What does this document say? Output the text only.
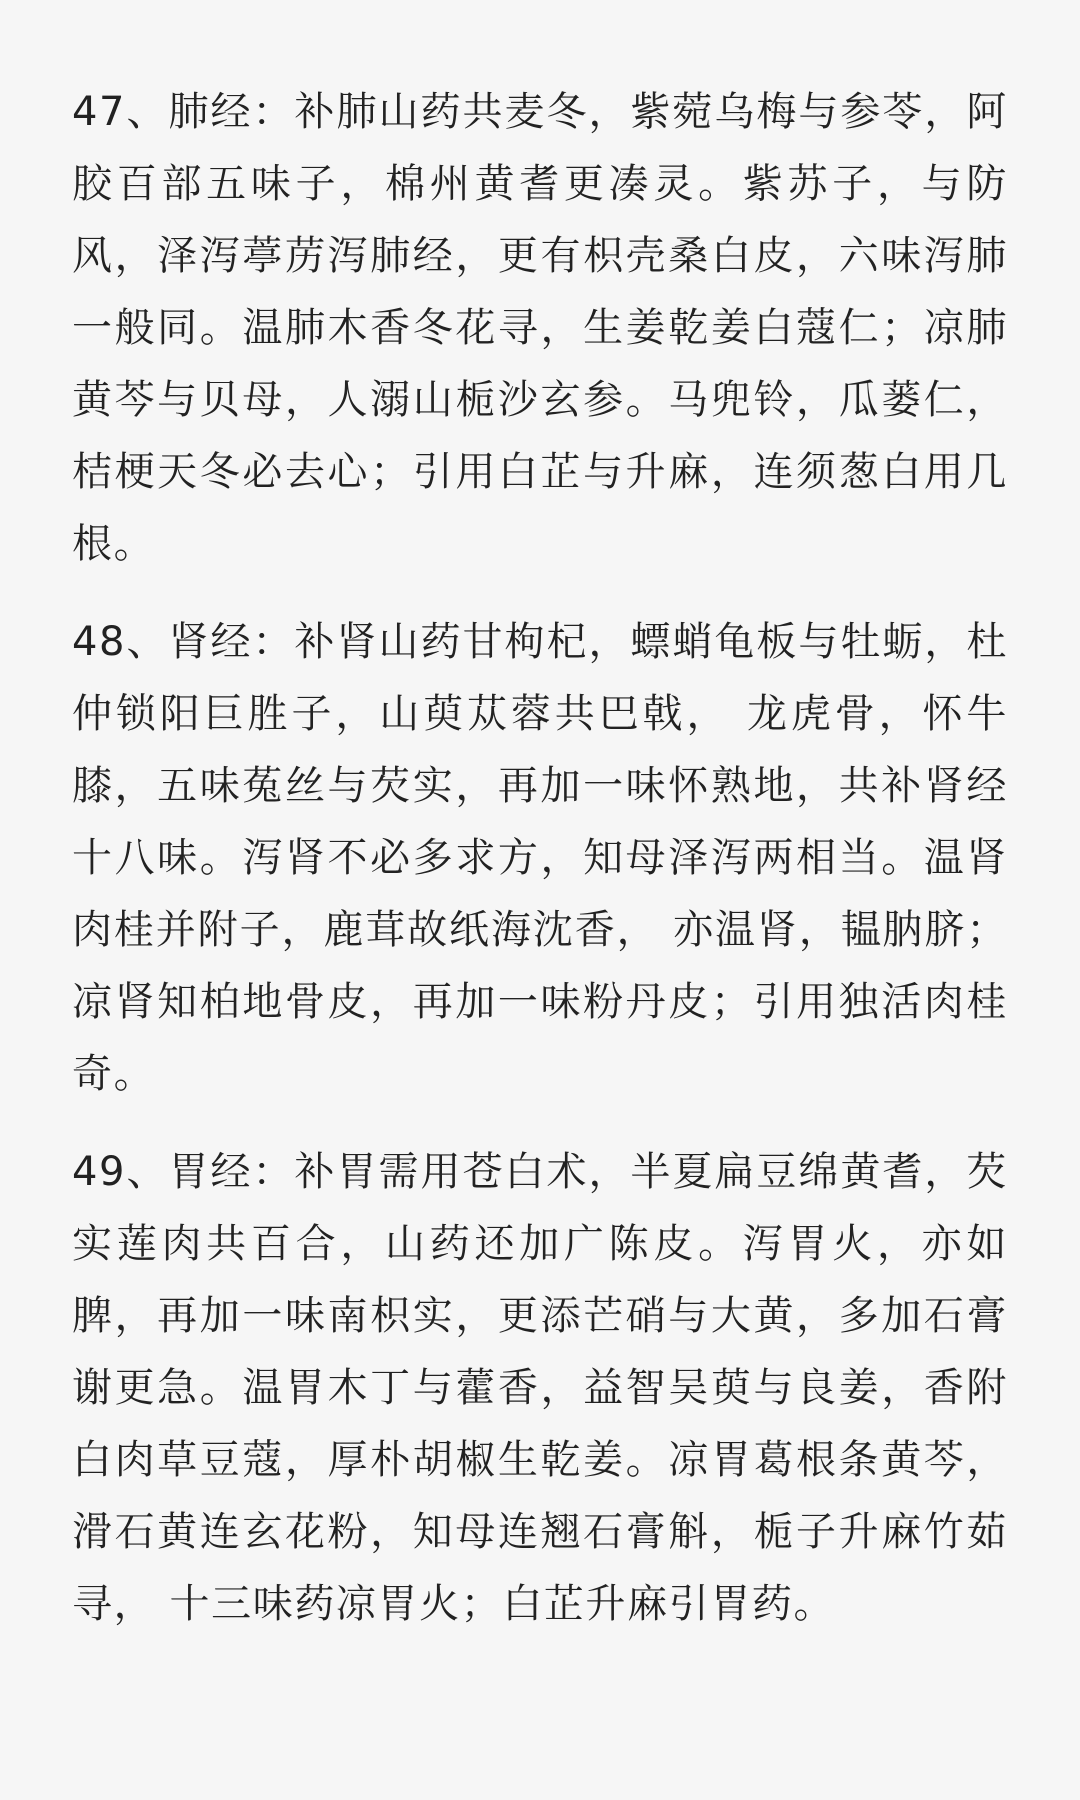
47、肺经：补肺山药共麦冬，紫菀乌梅与参苓，阿胶百部五味子，棉州黄耆更凑灵。紫苏子，与防风，泽泻葶苈泻肺经，更有枳壳桑白皮，六味泻肺一般同。温肺木香冬花寻，生姜乾姜白蔻仁；凉肺黄芩与贝母，人溺山栀沙玄参。马兜铃，瓜蒌仁，桔梗天冬必去心；引用白芷与升麻，连须葱白用几根。

48、肾经：补肾山药甘枸杞，螵蛸龟板与牡蛎，杜仲锁阳巨胜子，山萸苁蓉共巴戟， 龙虎骨，怀牛膝，五味菟丝与芡实，再加一味怀熟地，共补肾经十八味。泻肾不必多求方，知母泽泻两相当。温肾肉桂并附子，鹿茸故纸海沈香， 亦温肾，韫肭脐；凉肾知柏地骨皮，再加一味粉丹皮；引用独活肉桂奇。

49、胃经：补胃需用苍白术，半夏扁豆绵黄耆，芡实莲肉共百合，山药还加广陈皮。泻胃火，亦如脾，再加一味南枳实，更添芒硝与大黄，多加石膏谢更急。温胃木丁与藿香，益智吴萸与良姜，香附白肉草豆蔻，厚朴胡椒生乾姜。凉胃葛根条黄芩，滑石黄连玄花粉，知母连翘石膏斛，栀子升麻竹茹寻， 十三味药凉胃火；白芷升麻引胃药。
